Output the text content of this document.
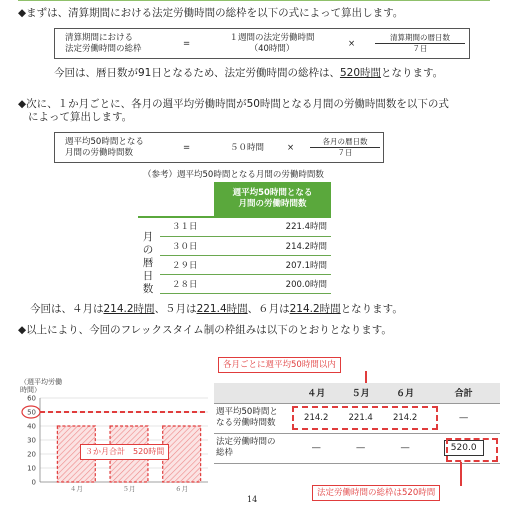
◆まずは、清算期間における法定労働時間の総枠を以下の式によって算出します。
清算期間における
法定労働時間の総枠	=
１週間の法定労働時間
（40時間）	×
清算期間の暦日数
７日
今回は、暦日数が91日となるため、法定労働時間の総枠は、520時間となります。
◆次に、１か月ごとに、各月の週平均労働時間が50時間となる月間の労働時間数を以下の式
によって算出します。
週平均50時間となる
月間の労働時間数	=	５０時間	×
各月の暦日数
７日
（参考）週平均50時間となる月間の労働時間数
週平均50時間となる
月間の労働時間数
月
の
暦
日
数
３１日	221.4時間
３０日	214.2時間
２９日	207.1時間
２８日	200.0時間
今回は、４月は214.2時間、５月は221.4時間、６月は214.2時間となります。
◆以上により、今回のフレックスタイム制の枠組みは以下のとおりとなります。
各月ごとに週平均50時間以内
（週平均労働
時間）
60
50
40
30
20
10
0
４月	５月	６月
３か月合計　520時間
	４月	５月	６月	合計

週平均50時間と
なる労働時間数	214.2	221.4	214.2	―

法定労働時間の
総枠	―	―	―	520.0
法定労働時間の総枠は520時間
14
